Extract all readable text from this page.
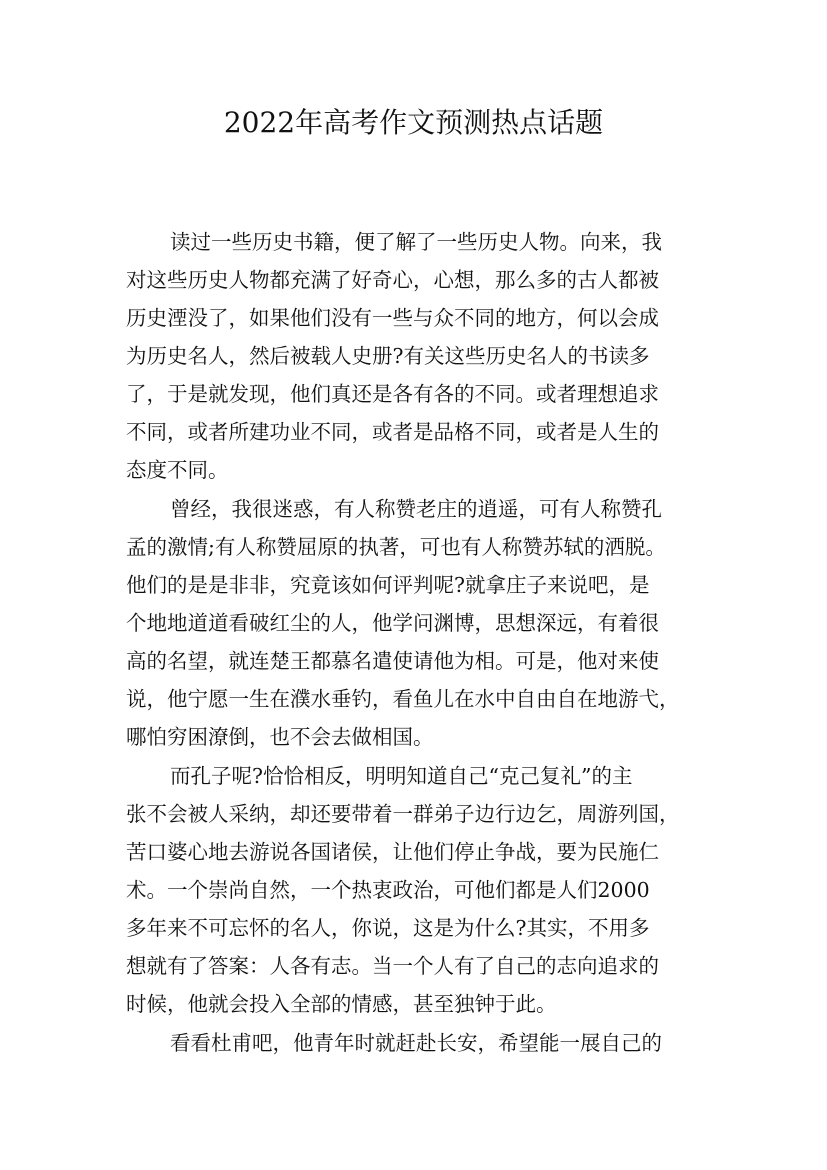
2022年高考作文预测热点话题
读过一些历史书籍，便了解了一些历史人物。向来，我
对这些历史人物都充满了好奇心，心想，那么多的古人都被
历史湮没了，如果他们没有一些与众不同的地方，何以会成
为历史名人，然后被载人史册?有关这些历史名人的书读多
了，于是就发现，他们真还是各有各的不同。或者理想追求
不同，或者所建功业不同，或者是品格不同，或者是人生的
态度不同。
曾经，我很迷惑，有人称赞老庄的逍遥，可有人称赞孔
孟的激情;有人称赞屈原的执著，可也有人称赞苏轼的洒脱。
他们的是是非非，究竟该如何评判呢?就拿庄子来说吧，是
个地地道道看破红尘的人，他学问渊博，思想深远，有着很
高的名望，就连楚王都慕名遣使请他为相。可是，他对来使
说，他宁愿一生在濮水垂钓，看鱼儿在水中自由自在地游弋，
哪怕穷困潦倒，也不会去做相国。
而孔子呢?恰恰相反，明明知道自己“克己复礼”的主
张不会被人采纳，却还要带着一群弟子边行边乞，周游列国，
苦口婆心地去游说各国诸侯，让他们停止争战，要为民施仁
术。一个崇尚自然，一个热衷政治，可他们都是人们2000
多年来不可忘怀的名人，你说，这是为什么?其实，不用多
想就有了答案：人各有志。当一个人有了自己的志向追求的
时候，他就会投入全部的情感，甚至独钟于此。
看看杜甫吧，他青年时就赶赴长安，希望能一展自己的
